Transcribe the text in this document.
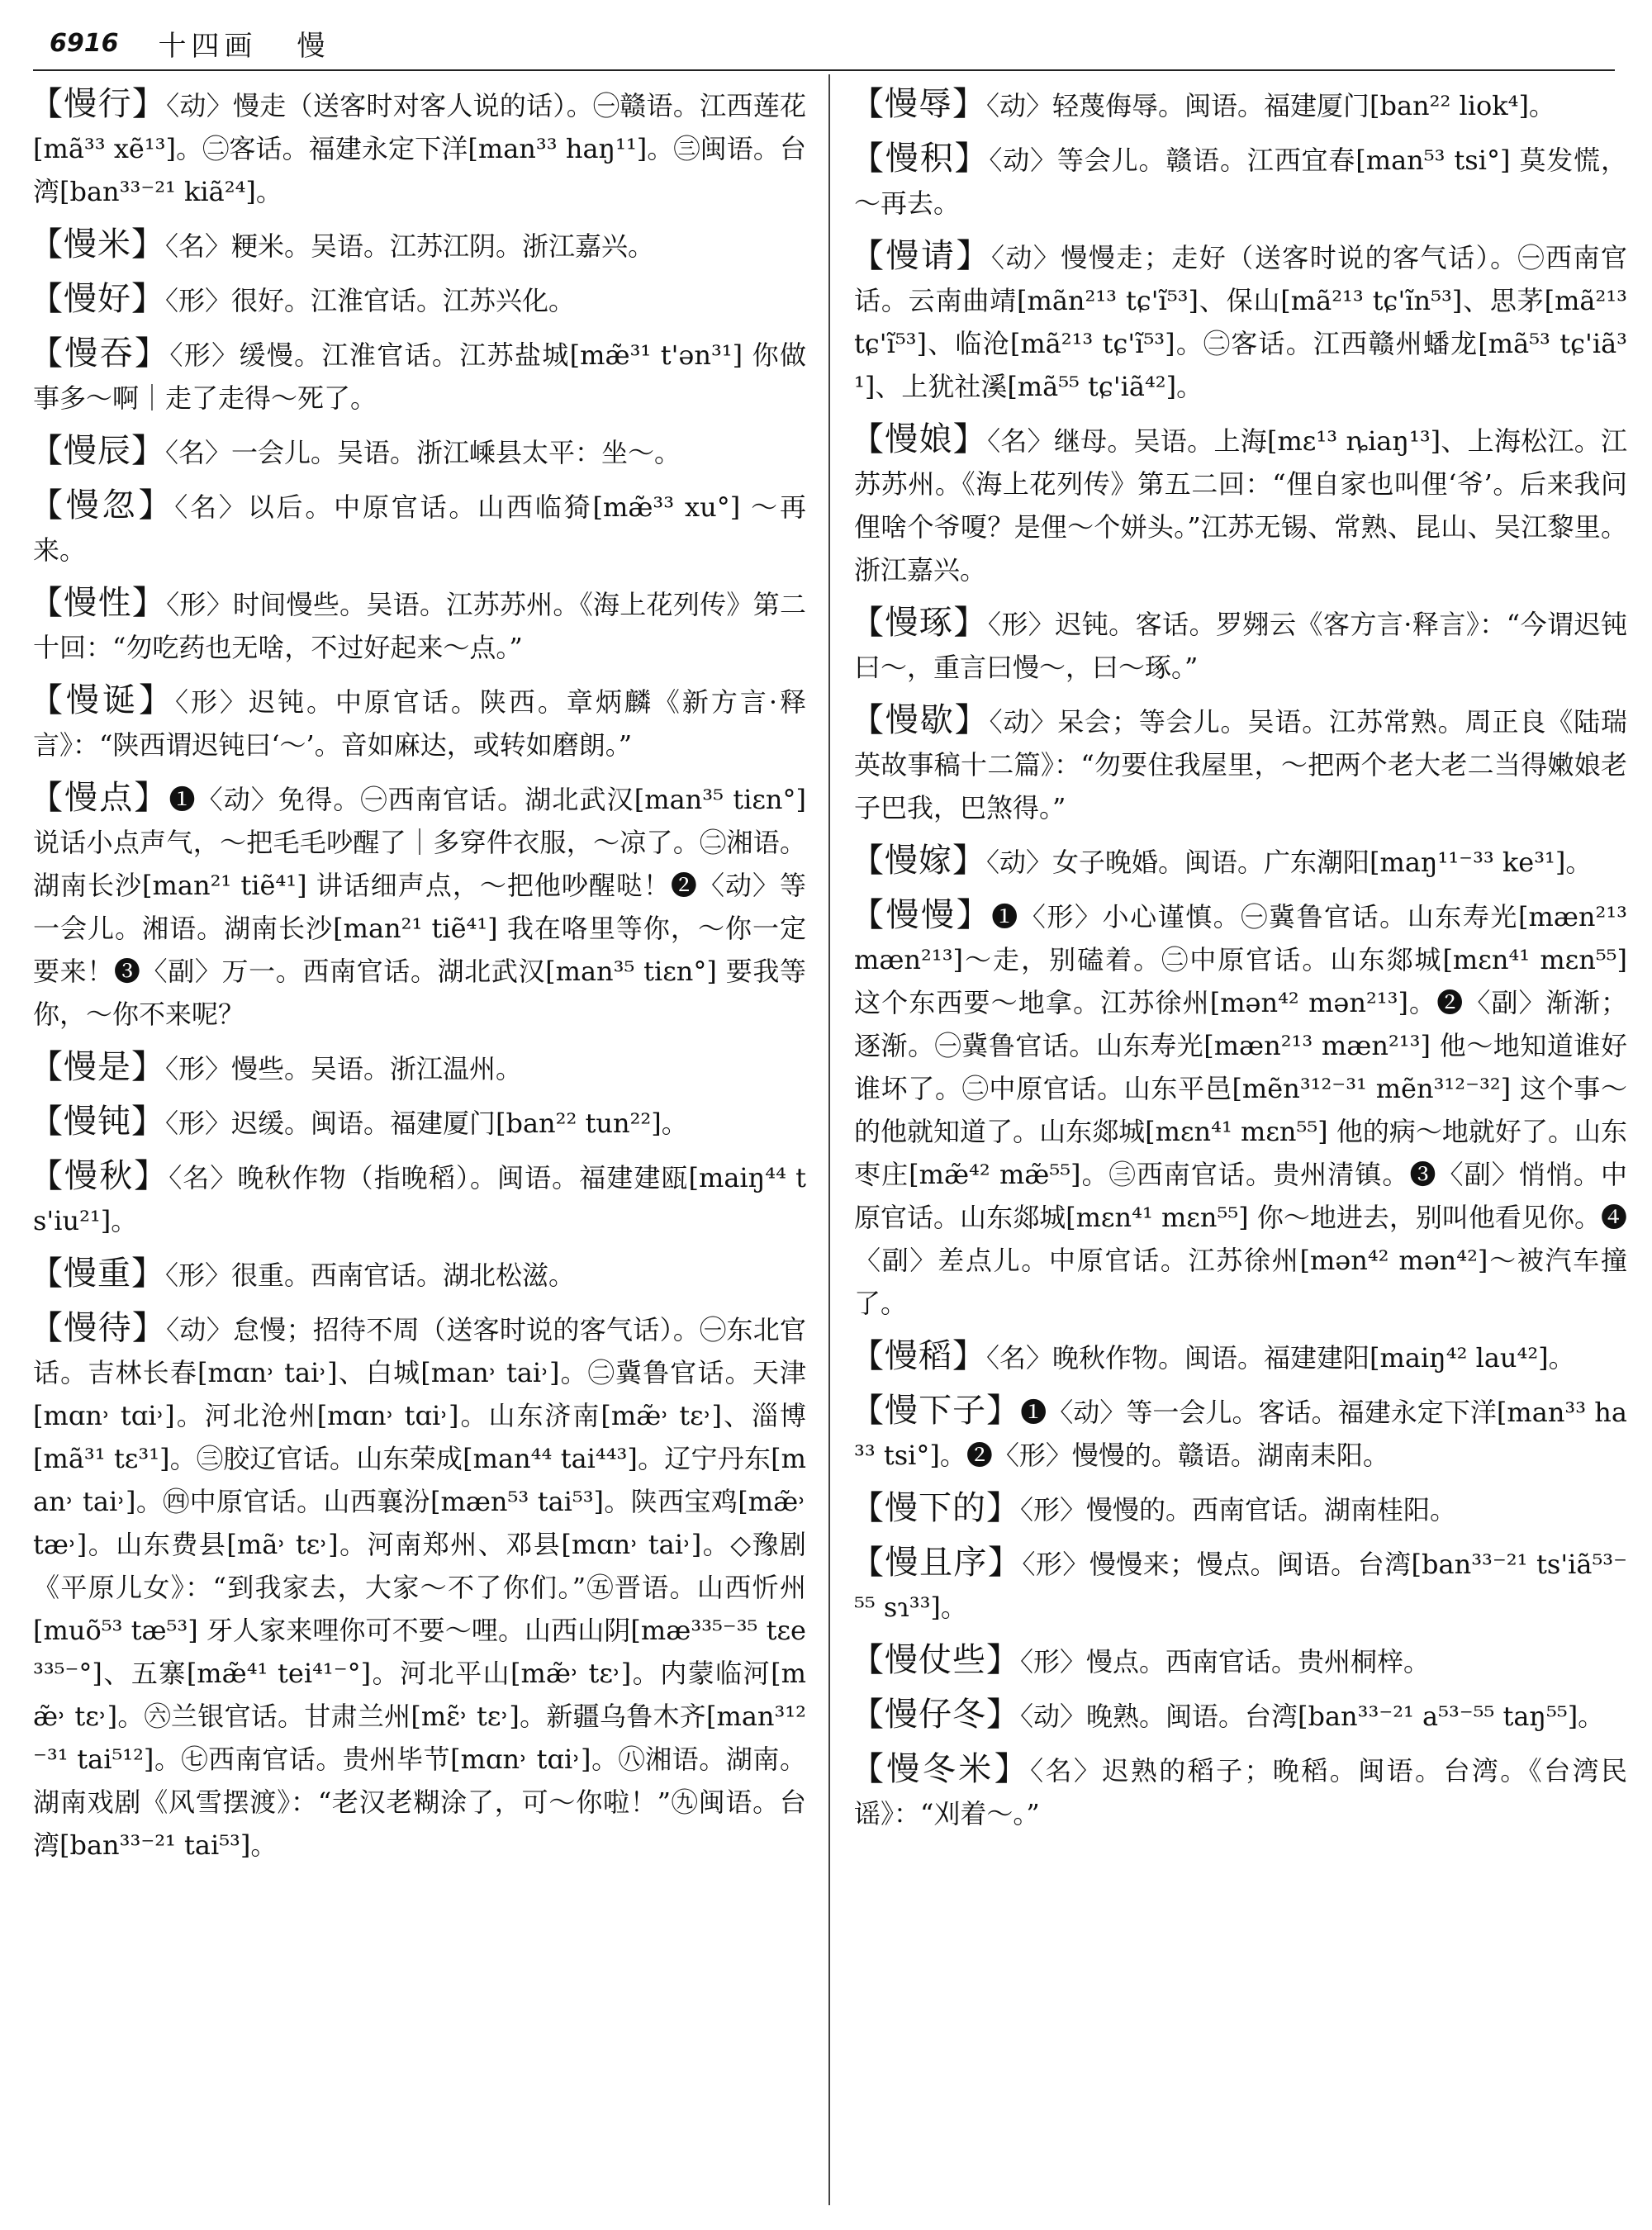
6916 十四画 慢

【慢行】〈动〉慢走（送客时对客人说的话）。㊀赣语。江西莲花[mã³³ xẽ¹³]。㊁客话。福建永定下洋[man³³ haŋ¹¹]。㊂闽语。台湾[ban³³⁻²¹ kiã²⁴]。

【慢米】〈名〉粳米。吴语。江苏江阴。浙江嘉兴。

【慢好】〈形〉很好。江淮官话。江苏兴化。

【慢吞】〈形〉缓慢。江淮官话。江苏盐城[mæ̃³¹ t'ən³¹] 你做事多～啊｜走了走得～死了。

【慢辰】〈名〉一会儿。吴语。浙江嵊县太平：坐～。

【慢忽】〈名〉以后。中原官话。山西临猗[mæ̃³³ xu°] ～再来。

【慢性】〈形〉时间慢些。吴语。江苏苏州。《海上花列传》第二十回：“勿吃药也无啥，不过好起来～点。”

【慢诞】〈形〉迟钝。中原官话。陕西。章炳麟《新方言·释言》：“陕西谓迟钝曰‘～’。音如麻达，或转如磨朗。”

【慢点】❶〈动〉免得。㊀西南官话。湖北武汉[man³⁵ tiɛn°] 说话小点声气，～把毛毛吵醒了｜多穿件衣服，～凉了。㊁湘语。湖南长沙[man²¹ tiẽ⁴¹] 讲话细声点，～把他吵醒哒！❷〈动〉等一会儿。湘语。湖南长沙[man²¹ tiẽ⁴¹] 我在咯里等你，～你一定要来！❸〈副〉万一。西南官话。湖北武汉[man³⁵ tiɛn°] 要我等你，～你不来呢？

【慢是】〈形〉慢些。吴语。浙江温州。

【慢钝】〈形〉迟缓。闽语。福建厦门[ban²² tun²²]。

【慢秋】〈名〉晚秋作物（指晚稻）。闽语。福建建瓯[maiŋ⁴⁴ ts'iu²¹]。

【慢重】〈形〉很重。西南官话。湖北松滋。

【慢待】〈动〉怠慢；招待不周（送客时说的客气话）。㊀东北官话。吉林长春[mɑn˒ tai˒]、白城[man˒ tai˒]。㊁冀鲁官话。天津[mɑn˒ tɑi˒]。河北沧州[mɑn˒ tɑi˒]。山东济南[mæ̃˒ tɛ˒]、淄博[mã³¹ tɛ³¹]。㊂胶辽官话。山东荣成[man⁴⁴ tai⁴⁴³]。辽宁丹东[man˒ tai˒]。㊃中原官话。山西襄汾[mæn⁵³ tai⁵³]。陕西宝鸡[mæ̃˒ tæ˒]。山东费县[mã˒ tɛ˒]。河南郑州、邓县[mɑn˒ tai˒]。◇豫剧《平原儿女》：“到我家去，大家～不了你们。”㊄晋语。山西忻州[muõ⁵³ tæ⁵³] 牙人家来哩你可不要～哩。山西山阴[mæ³³⁵⁻³⁵ tɛe³³⁵⁻°]、五寨[mæ̃⁴¹ tei⁴¹⁻°]。河北平山[mæ̃˒ tɛ˒]。内蒙临河[mæ̃˒ tɛ˒]。㊅兰银官话。甘肃兰州[mɛ̃˒ tɛ˒]。新疆乌鲁木齐[man³¹²⁻³¹ tai⁵¹²]。㊆西南官话。贵州毕节[mɑn˒ tɑi˒]。㊇湘语。湖南。湖南戏剧《风雪摆渡》：“老汉老糊涂了，可～你啦！”㊈闽语。台湾[ban³³⁻²¹ tai⁵³]。

【慢辱】〈动〉轻蔑侮辱。闽语。福建厦门[ban²² liok⁴]。

【慢积】〈动〉等会儿。赣语。江西宜春[man⁵³ tsi°] 莫发慌，～再去。

【慢请】〈动〉慢慢走；走好（送客时说的客气话）。㊀西南官话。云南曲靖[mãn²¹³ tɕ'ĩ⁵³]、保山[mã²¹³ tɕ'ĩn⁵³]、思茅[mã²¹³ tɕ'ĩ⁵³]、临沧[mã²¹³ tɕ'ĩ⁵³]。㊁客话。江西赣州蟠龙[mã⁵³ tɕ'iã³¹]、上犹社溪[mã⁵⁵ tɕ'iã⁴²]。

【慢娘】〈名〉继母。吴语。上海[mɛ¹³ ȵiaŋ¹³]、上海松江。江苏苏州。《海上花列传》第五二回：“俚自家也叫俚‘爷’。后来我问俚啥个爷嗄？是俚～个姘头。”江苏无锡、常熟、昆山、吴江黎里。浙江嘉兴。

【慢琢】〈形〉迟钝。客话。罗翙云《客方言·释言》：“今谓迟钝曰～，重言曰慢～，曰～琢。”

【慢歇】〈动〉呆会；等会儿。吴语。江苏常熟。周正良《陆瑞英故事稿十二篇》：“勿要住我屋里，～把两个老大老二当得嫩娘老子巴我，巴煞得。”

【慢嫁】〈动〉女子晚婚。闽语。广东潮阳[maŋ¹¹⁻³³ ke³¹]。

【慢慢】❶〈形〉小心谨慎。㊀冀鲁官话。山东寿光[mæn²¹³ mæn²¹³]～走，别磕着。㊁中原官话。山东郯城[mɛn⁴¹ mɛn⁵⁵] 这个东西要～地拿。江苏徐州[mən⁴² mən²¹³]。❷〈副〉渐渐；逐渐。㊀冀鲁官话。山东寿光[mæn²¹³ mæn²¹³] 他～地知道谁好谁坏了。㊁中原官话。山东平邑[mẽn³¹²⁻³¹ mẽn³¹²⁻³²] 这个事～的他就知道了。山东郯城[mɛn⁴¹ mɛn⁵⁵] 他的病～地就好了。山东枣庄[mæ̃⁴² mæ̃⁵⁵]。㊂西南官话。贵州清镇。❸〈副〉悄悄。中原官话。山东郯城[mɛn⁴¹ mɛn⁵⁵] 你～地进去，别叫他看见你。❹〈副〉差点儿。中原官话。江苏徐州[mən⁴² mən⁴²]～被汽车撞了。

【慢稻】〈名〉晚秋作物。闽语。福建建阳[maiŋ⁴² lau⁴²]。

【慢下子】❶〈动〉等一会儿。客话。福建永定下洋[man³³ ha³³ tsi°]。❷〈形〉慢慢的。赣语。湖南耒阳。

【慢下的】〈形〉慢慢的。西南官话。湖南桂阳。

【慢且序】〈形〉慢慢来；慢点。闽语。台湾[ban³³⁻²¹ ts'iã⁵³⁻⁵⁵ sɿ³³]。

【慢仗些】〈形〉慢点。西南官话。贵州桐梓。

【慢仔冬】〈动〉晚熟。闽语。台湾[ban³³⁻²¹ a⁵³⁻⁵⁵ taŋ⁵⁵]。

【慢冬米】〈名〉迟熟的稻子；晚稻。闽语。台湾。《台湾民谣》：“刈着～。”
